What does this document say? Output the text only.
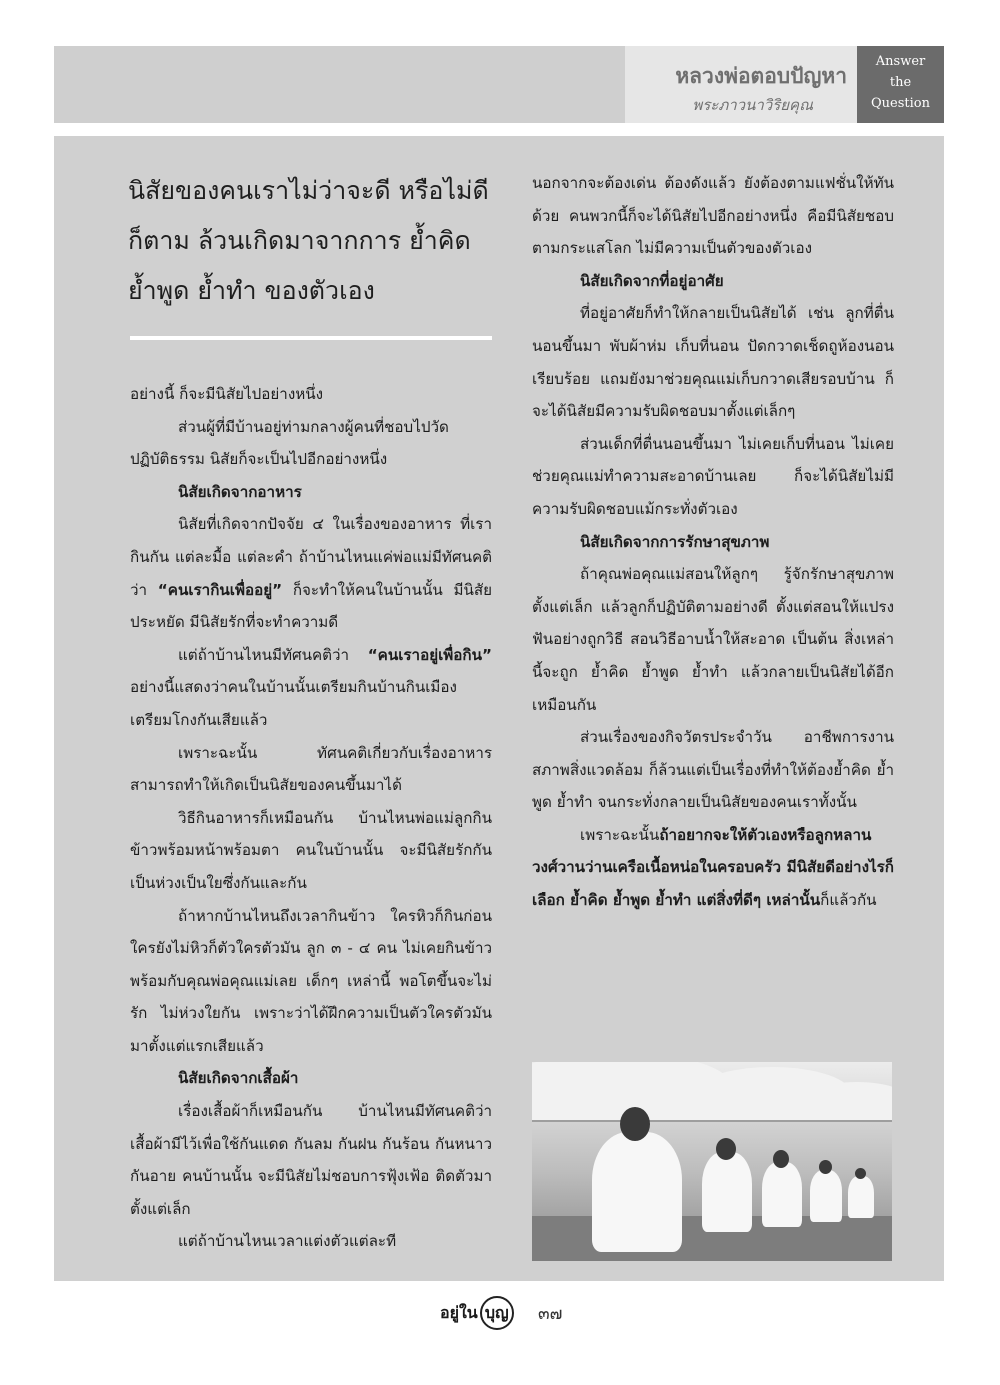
หลวงพ่อตอบปัญหา
พระภาวนาวิริยคุณ
Answer
the
Question
นิสัยของคนเราไม่ว่าจะดี หรือไม่ดีก็ตาม ล้วนเกิดมาจากการ ย้ำคิด ย้ำพูด ย้ำทำ ของตัวเอง
อย่างนี้ ก็จะมีนิสัยไปอย่างหนึ่ง
ส่วนผู้ที่มีบ้านอยู่ท่ามกลางผู้คนที่ชอบไปวัด ปฏิบัติธรรม นิสัยก็จะเป็นไปอีกอย่างหนึ่ง
นิสัยเกิดจากอาหาร
นิสัยที่เกิดจากปัจจัย ๔ ในเรื่องของอาหาร ที่เรากินกัน แต่ละมื้อ แต่ละคำ ถ้าบ้านไหนแค่พ่อแม่มีทัศนคติว่า “คนเรากินเพื่ออยู่” ก็จะทำให้คนในบ้านนั้น มีนิสัยประหยัด มีนิสัยรักที่จะทำความดี
แต่ถ้าบ้านไหนมีทัศนคติว่า “คนเราอยู่เพื่อกิน” อย่างนี้แสดงว่าคนในบ้านนั้นเตรียมกินบ้านกินเมือง เตรียมโกงกันเสียแล้ว
เพราะฉะนั้น ทัศนคติเกี่ยวกับเรื่องอาหาร สามารถทำให้เกิดเป็นนิสัยของคนขึ้นมาได้
วิธีกินอาหารก็เหมือนกัน บ้านไหนพ่อแม่ลูกกินข้าวพร้อมหน้าพร้อมตา คนในบ้านนั้น จะมีนิสัยรักกัน เป็นห่วงเป็นใยซึ่งกันและกัน
ถ้าหากบ้านไหนถึงเวลากินข้าว ใครหิวก็กินก่อน ใครยังไม่หิวก็ตัวใครตัวมัน ลูก ๓ - ๔ คน ไม่เคยกินข้าวพร้อมกับคุณพ่อคุณแม่เลย เด็กๆ เหล่านี้ พอโตขึ้นจะไม่รัก ไม่ห่วงใยกัน เพราะว่าได้ฝึกความเป็นตัวใครตัวมันมาตั้งแต่แรกเสียแล้ว
นิสัยเกิดจากเสื้อผ้า
เรื่องเสื้อผ้าก็เหมือนกัน บ้านไหนมีทัศนคติว่าเสื้อผ้ามีไว้เพื่อใช้กันแดด กันลม กันฝน กันร้อน กันหนาว กันอาย คนบ้านนั้น จะมีนิสัยไม่ชอบการฟุ้งเฟ้อ ติดตัวมาตั้งแต่เล็ก
แต่ถ้าบ้านไหนเวลาแต่งตัวแต่ละที
นอกจากจะต้องเด่น ต้องดังแล้ว ยังต้องตามแฟชั่นให้ทันด้วย คนพวกนี้ก็จะได้นิสัยไปอีกอย่างหนึ่ง คือมีนิสัยชอบตามกระแสโลก ไม่มีความเป็นตัวของตัวเอง
นิสัยเกิดจากที่อยู่อาศัย
ที่อยู่อาศัยก็ทำให้กลายเป็นนิสัยได้ เช่น ลูกที่ตื่นนอนขึ้นมา พับผ้าห่ม เก็บที่นอน ปัดกวาดเช็ดถูห้องนอนเรียบร้อย แถมยังมาช่วยคุณแม่เก็บกวาดเสียรอบบ้าน ก็จะได้นิสัยมีความรับผิดชอบมาตั้งแต่เล็กๆ
ส่วนเด็กที่ตื่นนอนขึ้นมา ไม่เคยเก็บที่นอน ไม่เคยช่วยคุณแม่ทำความสะอาดบ้านเลย ก็จะได้นิสัยไม่มีความรับผิดชอบแม้กระทั่งตัวเอง
นิสัยเกิดจากการรักษาสุขภาพ
ถ้าคุณพ่อคุณแม่สอนให้ลูกๆ รู้จักรักษาสุขภาพตั้งแต่เล็ก แล้วลูกก็ปฏิบัติตามอย่างดี ตั้งแต่สอนให้แปรงฟันอย่างถูกวิธี สอนวิธีอาบน้ำให้สะอาด เป็นต้น สิ่งเหล่านี้จะถูก ย้ำคิด ย้ำพูด ย้ำทำ แล้วกลายเป็นนิสัยได้อีกเหมือนกัน
ส่วนเรื่องของกิจวัตรประจำวัน อาชีพการงาน สภาพสิ่งแวดล้อม ก็ล้วนแต่เป็นเรื่องที่ทำให้ต้องย้ำคิด ย้ำพูด ย้ำทำ จนกระทั่งกลายเป็นนิสัยของคนเราทั้งนั้น
เพราะฉะนั้นถ้าอยากจะให้ตัวเองหรือลูกหลานวงศ์วานว่านเครือเนื้อหน่อในครอบครัว มีนิสัยดีอย่างไรก็เลือก ย้ำคิด ย้ำพูด ย้ำทำ แต่สิ่งที่ดีๆ เหล่านั้นก็แล้วกัน
อยู่ใน บุญ	๓๗
